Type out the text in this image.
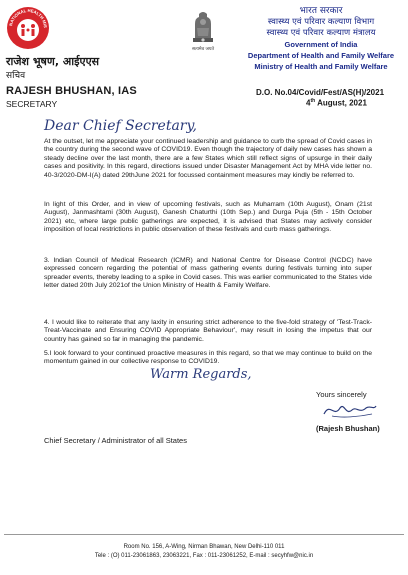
NATIONAL HEALTH MIS
सत्यमेव जयते
राजेश भूषण, आईएएस
सचिव
RAJESH BHUSHAN, IAS
SECRETARY
भारत सरकार
स्वास्थ्य एवं परिवार कल्याण विभाग
स्वास्थ्य एवं परिवार कल्याण मंत्रालय
Government of India
Department of Health and Family Welfare
Ministry of Health and Family Welfare
D.O. No.04/Covid/Fest/AS(H)/2021
4th August, 2021
Dear Chief Secretary,
At the outset, let me appreciate your continued leadership and guidance to curb the spread of Covid cases in the country during the second wave of COVID19. Even though the trajectory of daily new cases has shown a steady decline over the last month, there are a few States which still reflect signs of upsurge in their daily cases and positivity. In this regard, directions issued under Disaster Management Act by MHA vide letter no. 40-3/2020-DM-I(A) dated 29thJune 2021 for focussed containment measures may kindly be referred to.
In light of this Order, and in view of upcoming festivals, such as Muharram (10th August), Onam (21st August), Janmashtami (30th August), Ganesh Chaturthi (10th Sep.) and Durga Puja (5th - 15th October 2021) etc, where large public gatherings are expected, it is advised that States may actively consider imposition of local restrictions in public observation of these festivals and curb mass gatherings.
3. Indian Council of Medical Research (ICMR) and National Centre for Disease Control (NCDC) have expressed concern regarding the potential of mass gathering events during festivals turning into super spreader events, thereby leading to a spike in Covid cases. This was earlier communicated to the States vide letter dated 20th July 2021of the Union Ministry of Health & Family Welfare.
4. I would like to reiterate that any laxity in ensuring strict adherence to the five-fold strategy of 'Test-Track-Treat-Vaccinate and Ensuring COVID Appropriate Behaviour', may result in losing the impetus that our country has gained so far in managing the pandemic.
5.I look forward to your continued proactive measures in this regard, so that we may continue to build on the momentum gained in our collective response to COVID19.
Warm Regards,
Yours sincerely
(Rajesh Bhushan)
Chief Secretary / Administrator of all States
Room No. 156, A-Wing, Nirman Bhawan, New Delhi-110 011
Tele : (O) 011-23061863, 23063221, Fax : 011-23061252, E-mail : secyhfw@nic.in
